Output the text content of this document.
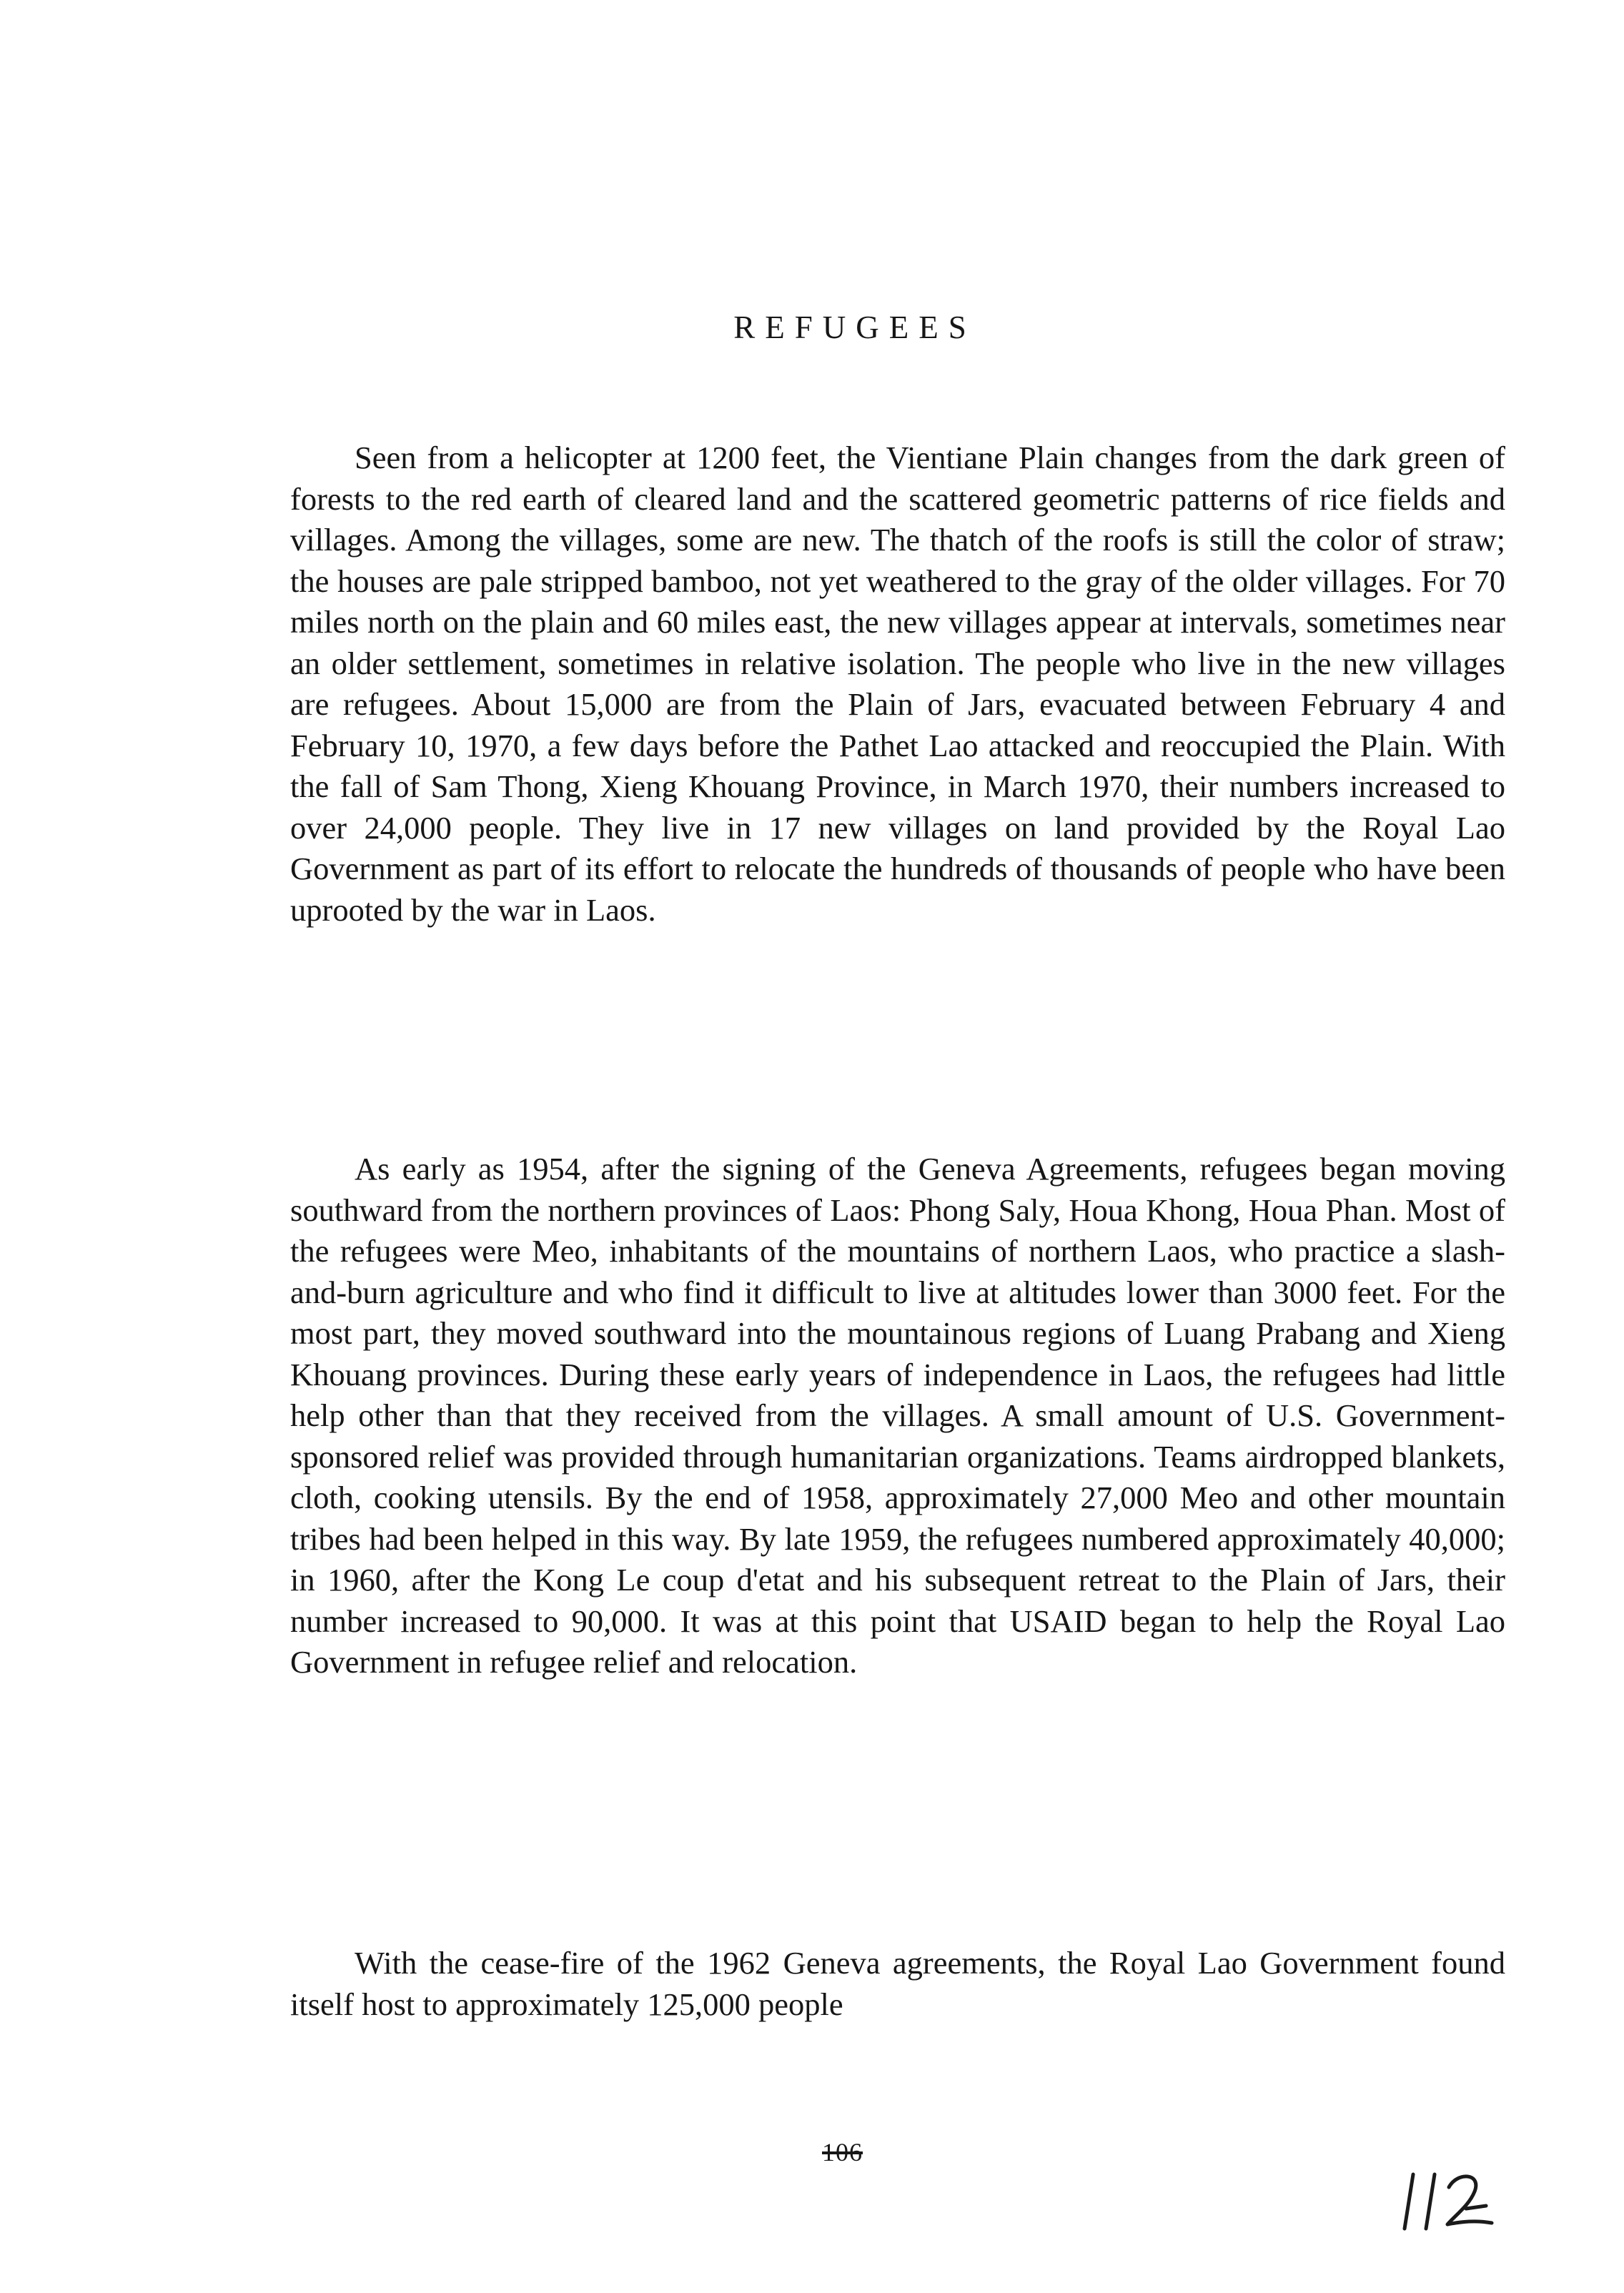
REFUGEES

Seen from a helicopter at 1200 feet, the Vientiane Plain changes from the dark green of forests to the red earth of cleared land and the scattered geometric patterns of rice fields and villages. Among the villages, some are new. The thatch of the roofs is still the color of straw; the houses are pale stripped bamboo, not yet weathered to the gray of the older villages. For 70 miles north on the plain and 60 miles east, the new villages appear at intervals, sometimes near an older settlement, sometimes in relative isolation. The people who live in the new villages are refugees. About 15,000 are from the Plain of Jars, evacuated between February 4 and February 10, 1970, a few days before the Pathet Lao attacked and reoccupied the Plain. With the fall of Sam Thong, Xieng Khouang Province, in March 1970, their numbers increased to over 24,000 people. They live in 17 new villages on land provided by the Royal Lao Government as part of its effort to relocate the hundreds of thousands of people who have been uprooted by the war in Laos.

As early as 1954, after the signing of the Geneva Agreements, refugees began moving southward from the northern provinces of Laos: Phong Saly, Houa Khong, Houa Phan. Most of the refugees were Meo, inhabitants of the mountains of northern Laos, who practice a slash-and-burn agriculture and who find it difficult to live at altitudes lower than 3000 feet. For the most part, they moved southward into the mountainous regions of Luang Prabang and Xieng Khouang provinces. During these early years of independence in Laos, the refugees had little help other than that they received from the villages. A small amount of U.S. Government-sponsored relief was provided through humanitarian organizations. Teams airdropped blankets, cloth, cooking utensils. By the end of 1958, approximately 27,000 Meo and other mountain tribes had been helped in this way. By late 1959, the refugees numbered approximately 40,000; in 1960, after the Kong Le coup d'etat and his subsequent retreat to the Plain of Jars, their number increased to 90,000. It was at this point that USAID began to help the Royal Lao Government in refugee relief and relocation.

With the cease-fire of the 1962 Geneva agreements, the Royal Lao Government found itself host to approximately 125,000 people

106
